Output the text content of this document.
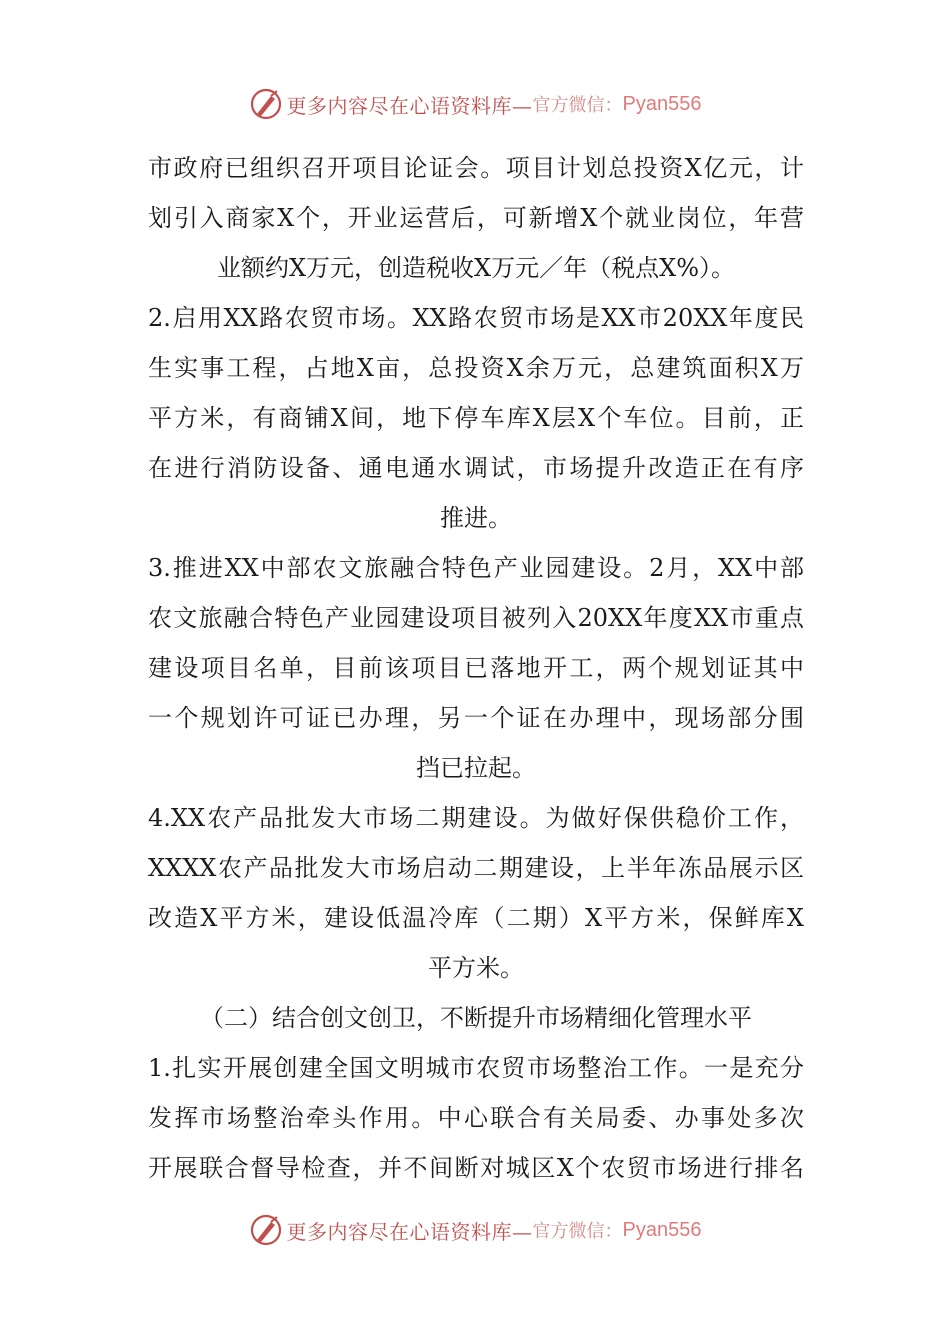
更多内容尽在心语资料库— 官方微信： Pyan556
市政府已组织召开项目论证会。项目计划总投资X亿元，计
划引入商家X个，开业运营后，可新增X个就业岗位，年营
业额约X万元，创造税收X万元／年（税点X%）。
2.启用XX路农贸市场。XX路农贸市场是XX市20XX年度民
生实事工程，占地X亩，总投资X余万元，总建筑面积X万
平方米，有商铺X间，地下停车库X层X个车位。目前，正
在进行消防设备、通电通水调试，市场提升改造正在有序
推进。
3.推进XX中部农文旅融合特色产业园建设。2月，XX中部
农文旅融合特色产业园建设项目被列入20XX年度XX市重点
建设项目名单，目前该项目已落地开工，两个规划证其中
一个规划许可证已办理，另一个证在办理中，现场部分围
挡已拉起。
4.XX农产品批发大市场二期建设。为做好保供稳价工作，
XXXX农产品批发大市场启动二期建设，上半年冻品展示区
改造X平方米，建设低温冷库（二期）X平方米，保鲜库X
平方米。
（二）结合创文创卫，不断提升市场精细化管理水平
1.扎实开展创建全国文明城市农贸市场整治工作。一是充分
发挥市场整治牵头作用。中心联合有关局委、办事处多次
开展联合督导检查，并不间断对城区X个农贸市场进行排名
更多内容尽在心语资料库— 官方微信： Pyan556
